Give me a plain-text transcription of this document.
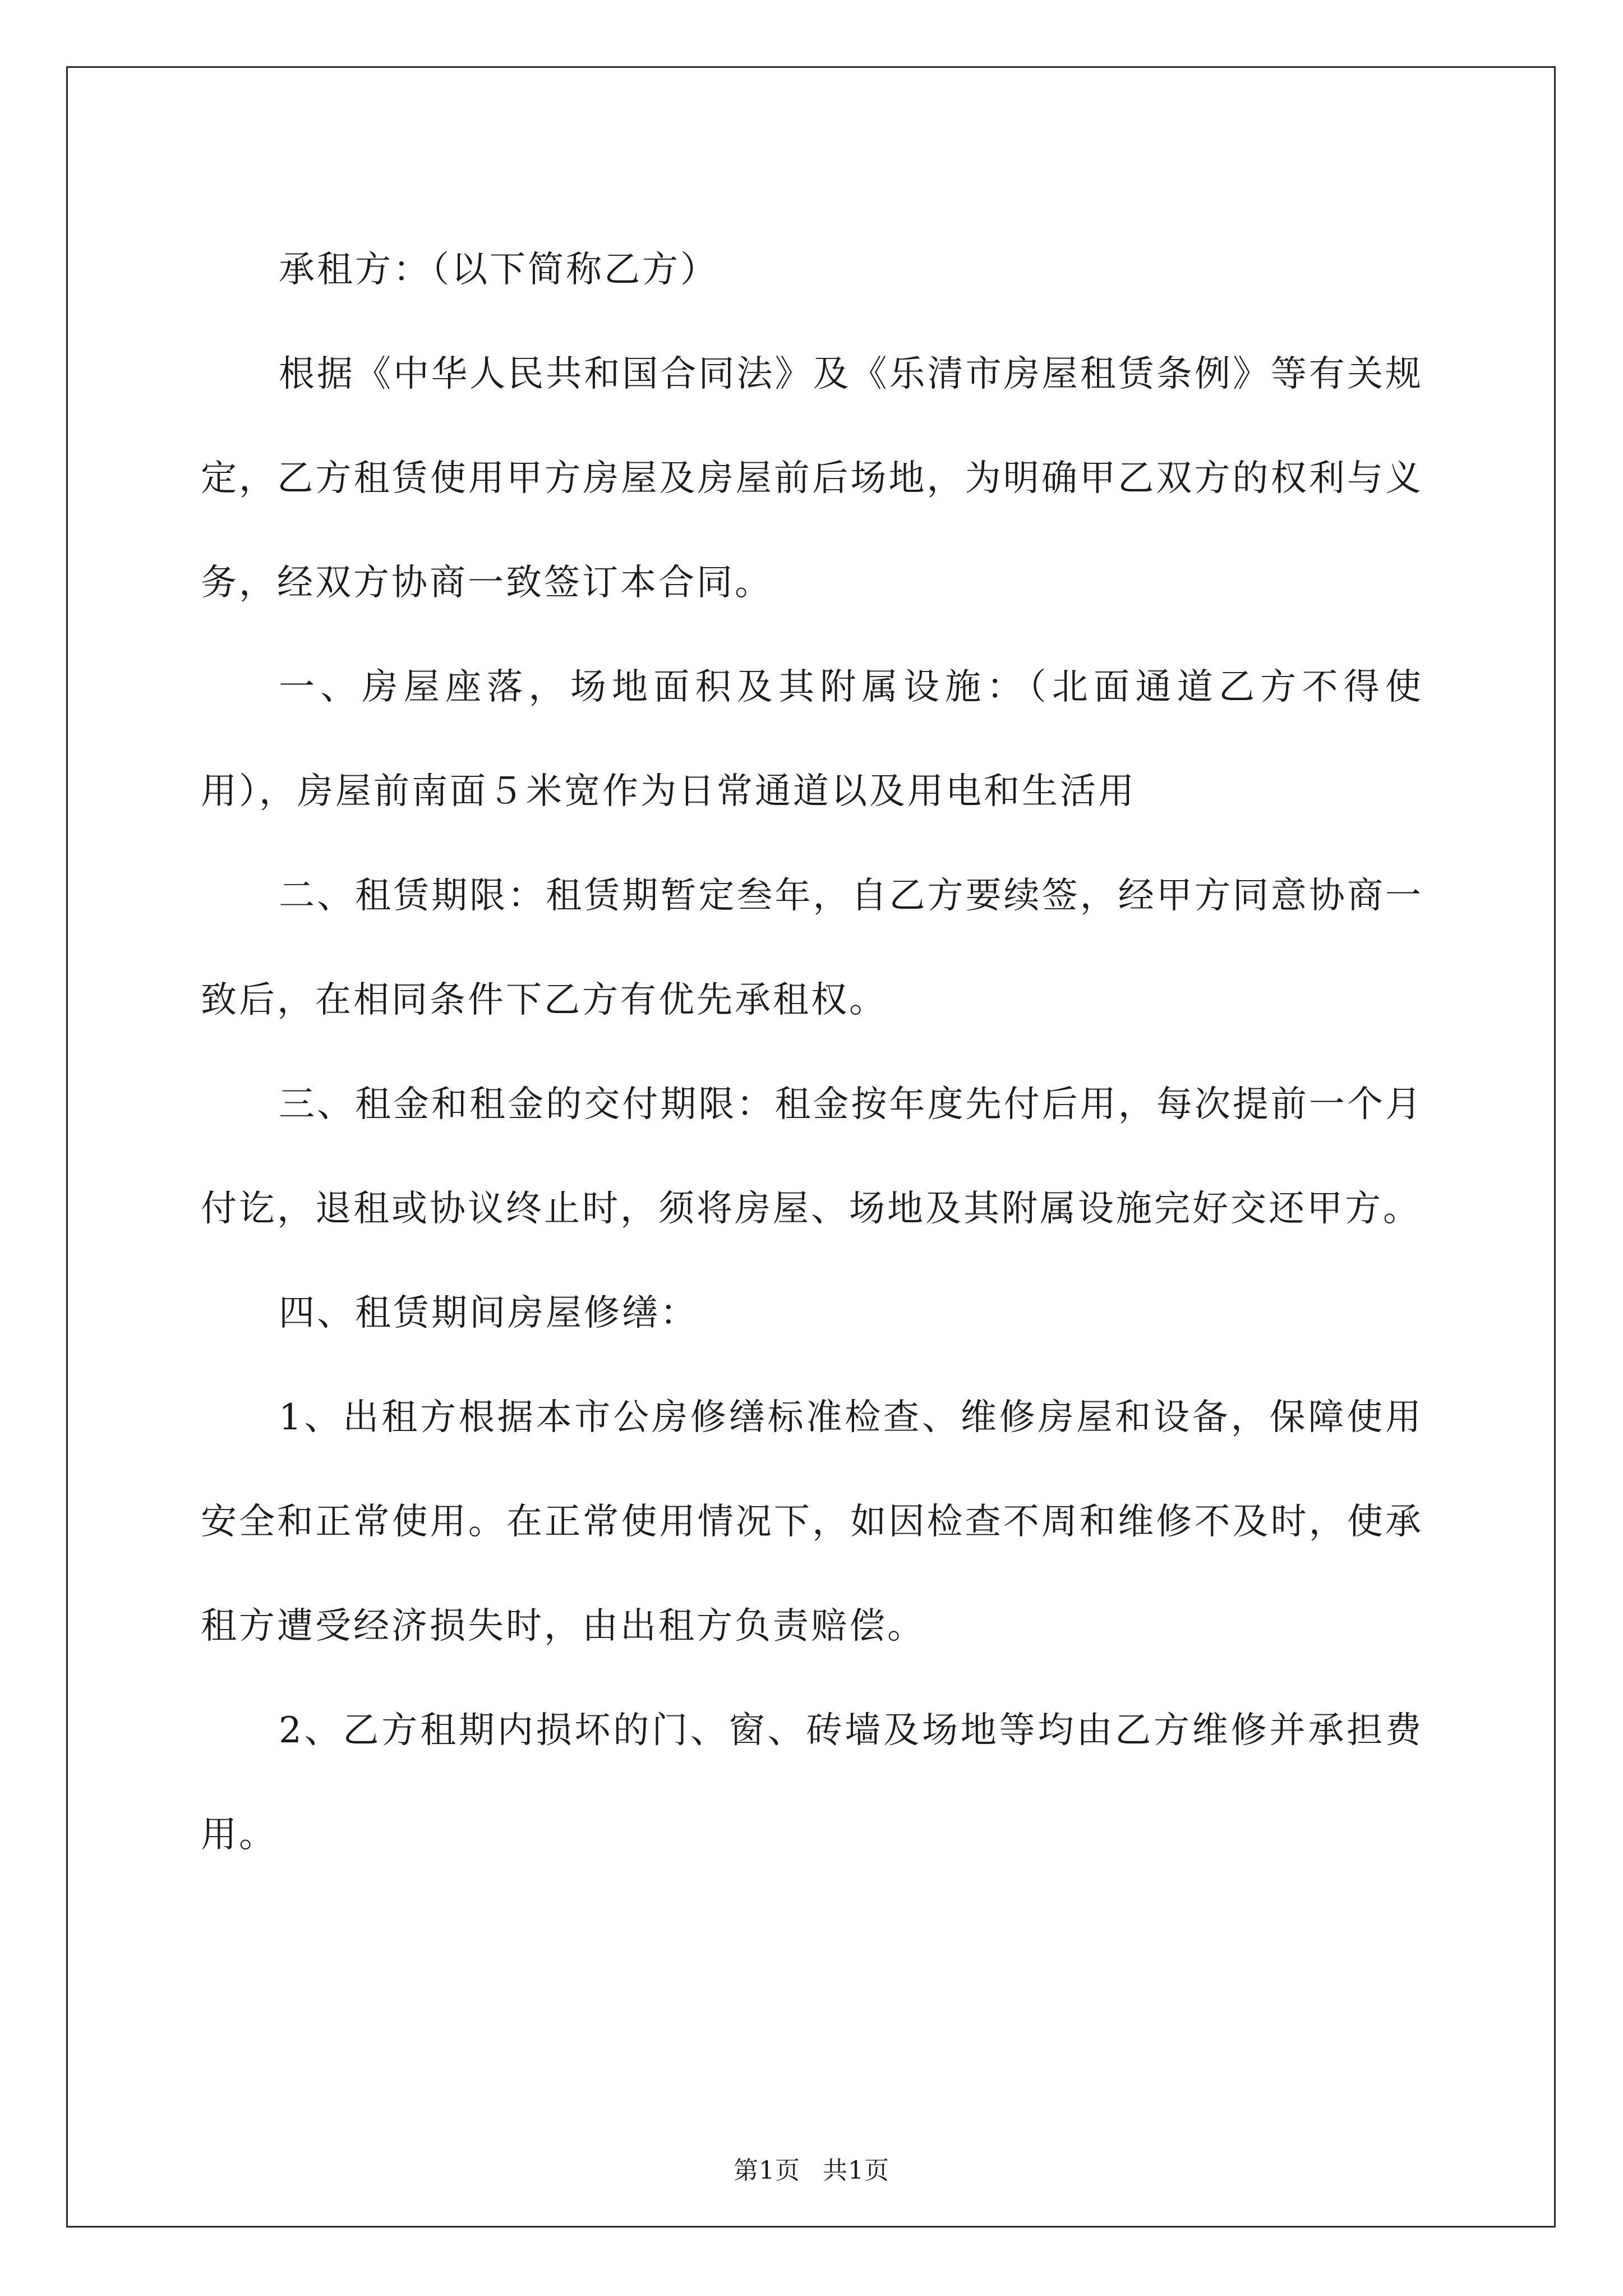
承租方：（以下简称乙方）

根据《中华人民共和国合同法》及《乐清市房屋租赁条例》等有关规定，乙方租赁使用甲方房屋及房屋前后场地，为明确甲乙双方的权利与义务，经双方协商一致签订本合同。

一、房屋座落，场地面积及其附属设施：（北面通道乙方不得使用），房屋前南面５米宽作为日常通道以及用电和生活用

二、租赁期限：租赁期暂定叁年，自乙方要续签，经甲方同意协商一致后，在相同条件下乙方有优先承租权。

三、租金和租金的交付期限：租金按年度先付后用，每次提前一个月付讫，退租或协议终止时，须将房屋、场地及其附属设施完好交还甲方。

四、租赁期间房屋修缮：

1、出租方根据本市公房修缮标准检查、维修房屋和设备，保障使用安全和正常使用。在正常使用情况下，如因检查不周和维修不及时，使承租方遭受经济损失时，由出租方负责赔偿。

2、乙方租期内损坏的门、窗、砖墙及场地等均由乙方维修并承担费用。

第1页 共1页
